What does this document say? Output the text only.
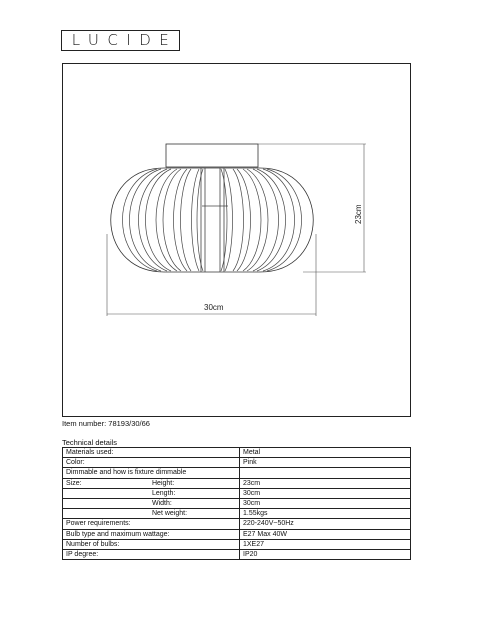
LUCIDE
30cm
23cm
Item number: 78193/30/66
Technical details
Materials used:	Metal
Color:	Pink
Dimmable and how is fixture dimmable	
Size: Height:	23cm
Length:	30cm
Width:	30cm
Net weight:	1.55kgs
Power requirements:	220-240V~50Hz
Bulb type and maximum wattage:	E27 Max 40W
Number of bulbs:	1XE27
IP degree:	IP20
